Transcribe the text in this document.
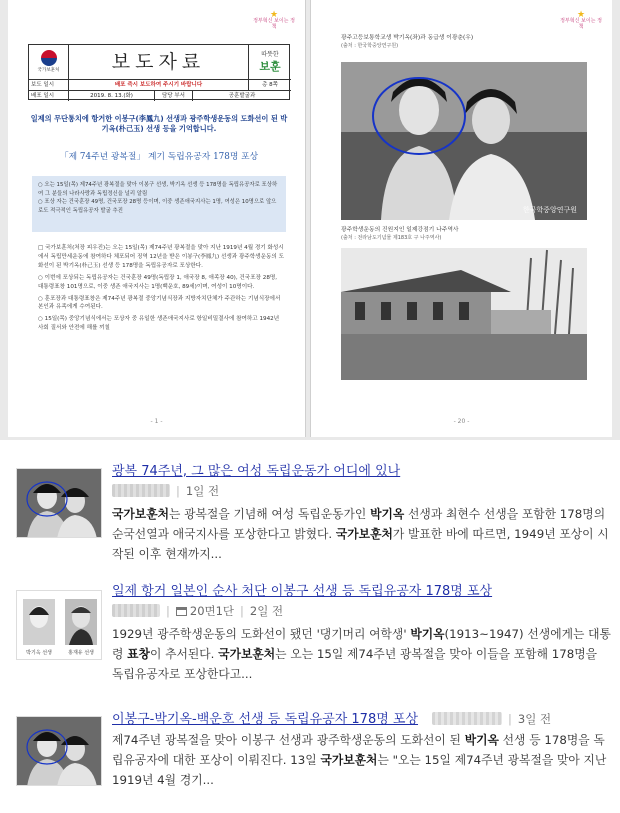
★
정부혁신 보이는 정책
국가보훈처	보도자료	따뜻한
보훈
보도 일시	배포 즉시 보도하여 주시기 바랍니다	총 8쪽
배포 일시	2019. 8. 13.(화)	담당 부서	공훈발굴과
일제의 무단통치에 항거한 이봉구(李鳳九) 선생과 광주학생운동의 도화선이 된 박기옥(朴己玉) 선생 등을 기억합니다.
「제 74주년 광복절」 계기 독립유공자 178명 포상

○ 오는 15일(목) 제74주년 광복절을 맞아 이봉구 선생, 박기옥 선생 등 178명을 독립유공자로 포상하여 그 분들의 나라사랑과 독립정신을 널리 알림

○ 포상 자는 건국훈장 49명, 건국포장 28명 등이며, 이중 생존애국지사는 1명, 여성은 10명으로 앞으로도 적극적인 독립유공자 발굴 추진

□ 국가보훈처(처장 피우진)는 오는 15일(목) 제74주년 광복절을 맞아 지난 1919년 4월 경기 화성시에서 독립만세운동에 참여하다 체포되어 징역 12년을 받은 이봉구(李鳳九) 선생과 광주학생운동의 도화선이 된 박기옥(朴己玉) 선생 등 178명을 독립유공자로 포상한다.

○ 이번에 포상되는 독립유공자는 건국훈장 49명(독립장 1, 애국장 8, 애족장 40), 건국포장 28명, 대통령표창 101명으로, 이중 생존 애국지사는 1명(백운호, 89세)이며, 여성이 10명이다.

○ 훈포장과 대통령표창은 제74주년 광복절 중앙기념식장과 지방자치단체가 주관하는 기념식장에서 본인과 유족에게 수여된다.

○ 15일(목) 중앙기념식에서는 포상자 중 유일한 생존애국지사로 항일비밀결사에 참여하고 1942년 사회 질서와 안전에 해를 끼칠

- 1 -
★
정부혁신 보이는 정책
광주고등보통학교생 박기옥(좌)과 동급생 이광춘(우)
(출처 : 한국학중앙연구원)
한국학중앙연구원
광주학생운동의 진원지인 일제강점기 나주역사
(출처 : 전라남도기념물 제183호 구 나주역사)
- 20 -
광복 74주년, 그 많은 여성 독립운동가 어디에 있나
| 1일 전
국가보훈처는 광복절을 기념해 여성 독립운동가인 박기옥 선생과 최현수 선생을 포함한 178명의 순국선열과 애국지사를 포상한다고 밝혔다. 국가보훈처가 발표한 바에 따르면, 1949년 포상이 시작된 이후 현재까지...
박기옥 선생	홍재유 선생
일제 항거 일본인 순사 처단 이봉구 선생 등 독립유공자 178명 포상
| 20면1단 | 2일 전
1929년 광주학생운동의 도화선이 됐던 '댕기머리 여학생' 박기옥(1913~1947) 선생에게는 대통령 표창이 추서된다. 국가보훈처는 오는 15일 제74주년 광복절을 맞아 이들을 포함해 178명을 독립유공자로 포상한다고...
이봉구-박기옥-백운호 선생 등 독립유공자 178명 포상	| 3일 전
제74주년 광복절을 맞아 이봉구 선생과 광주학생운동의 도화선이 된 박기옥 선생 등 178명을 독립유공자에 대한 포상이 이뤄진다. 13일 국가보훈처는 "오는 15일 제74주년 광복절을 맞아 지난 1919년 4월 경기...
